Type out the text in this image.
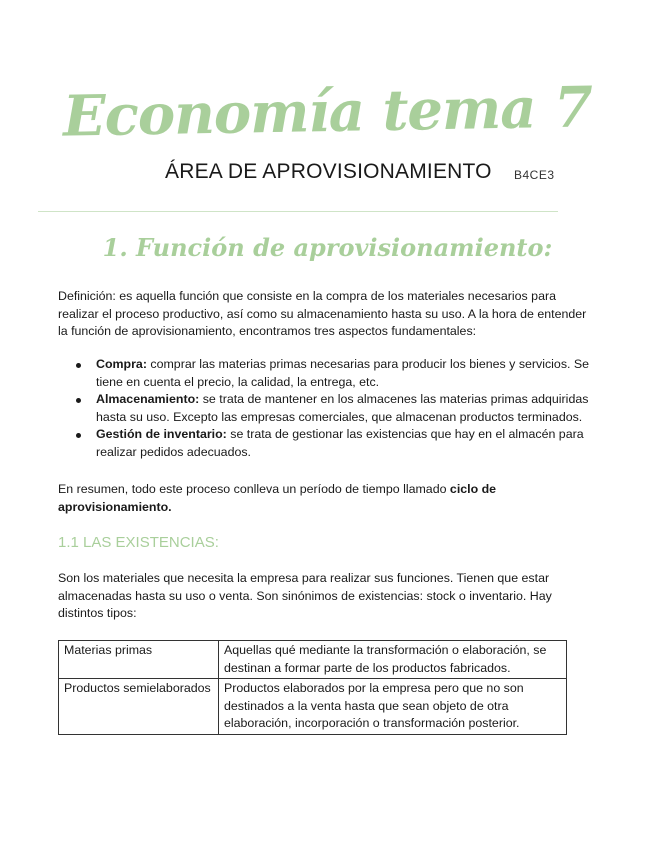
Economía tema 7
ÁREA DE APROVISIONAMIENTO B4CE3
1. Función de aprovisionamiento:

Definición: es aquella función que consiste en la compra de los materiales necesarios para realizar el proceso productivo, así como su almacenamiento hasta su uso. A la hora de entender la función de aprovisionamiento, encontramos tres aspectos fundamentales:

Compra: comprar las materias primas necesarias para producir los bienes y servicios. Se tiene en cuenta el precio, la calidad, la entrega, etc.
Almacenamiento: se trata de mantener en los almacenes las materias primas adquiridas hasta su uso. Excepto las empresas comerciales, que almacenan productos terminados.
Gestión de inventario: se trata de gestionar las existencias que hay en el almacén para realizar pedidos adecuados.

En resumen, todo este proceso conlleva un período de tiempo llamado ciclo de aprovisionamiento.

1.1 LAS EXISTENCIAS:

Son los materiales que necesita la empresa para realizar sus funciones. Tienen que estar almacenadas hasta su uso o venta. Son sinónimos de existencias: stock o inventario. Hay distintos tipos:

Materias primas	Aquellas qué mediante la transformación o elaboración, se destinan a formar parte de los productos fabricados.
Productos semielaborados	Productos elaborados por la empresa pero que no son destinados a la venta hasta que sean objeto de otra elaboración, incorporación o transformación posterior.
